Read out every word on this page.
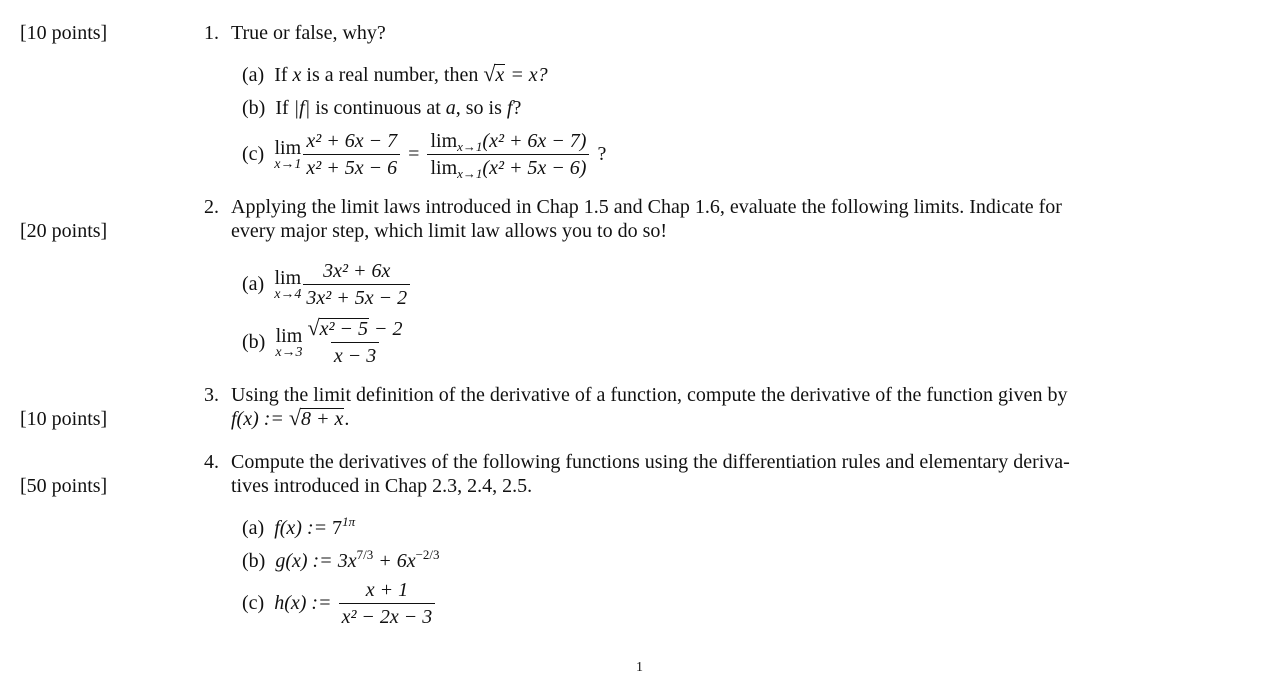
[10 points]	1. True or false, why?
(a) If x is a real number, then √ x = x?
(b) If |f| is continuous at a, so is f?
(c)
lim
$x\to 1 \frac{\text{x² + 6x − 7}}{\text{x² + 5x − 6}} = \frac{\lim_{x\to 1}(x^2 + 6x - 7)}{\lim_{x\to 1}(x^2 + 5x - 6)}$ ?
2. Applying the limit laws introduced in Chap 1.5 and Chap 1.6, evaluate the following limits. Indicate for
[20 points]	every major step, which limit law allows you to do so!
(a)
lim
$x\to 4 \frac{\text{3x² + 6x}}{\text{3x² + 5x − 2}}$
(b)
lim
$x\to 3 \frac{\text{√ x² − 5 − 2}}{x - 3}$
3. Using the limit definition of the derivative of a function, compute the derivative of the function given by
[10 points]	f(x) := √ 8 + x .
4. Compute the derivatives of the following functions using the differentiation rules and elementary deriva-
[50 points]	tives introduced in Chap 2.3, 2.4, 2.5.
(a) f(x) := $7^{1\pi}$
(b) g(x) := $3x^{7/3} + 6x^{-2/3}$
(c)
h(x) :=
$\frac{x + 1}{\text{x² − 2x − 3}}$
1
